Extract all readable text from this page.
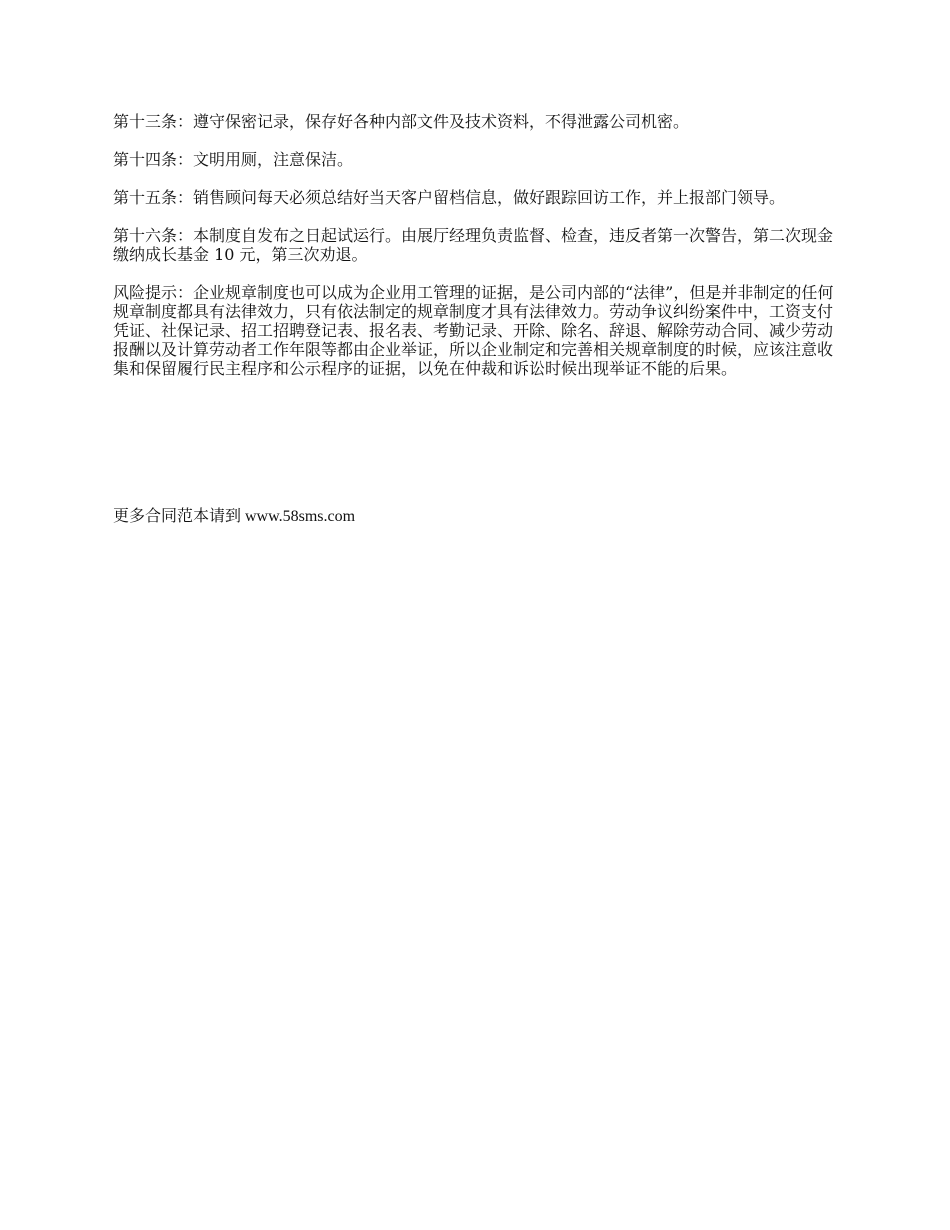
第十三条：遵守保密记录，保存好各种内部文件及技术资料，不得泄露公司机密。

第十四条：文明用厕，注意保洁。

第十五条：销售顾问每天必须总结好当天客户留档信息，做好跟踪回访工作，并上报部门领导。

第十六条：本制度自发布之日起试运行。由展厅经理负责监督、检查，违反者第一次警告，第二次现金缴纳成长基金 10 元，第三次劝退。

风险提示：企业规章制度也可以成为企业用工管理的证据，是公司内部的“法律”，但是并非制定的任何规章制度都具有法律效力，只有依法制定的规章制度才具有法律效力。劳动争议纠纷案件中，工资支付凭证、社保记录、招工招聘登记表、报名表、考勤记录、开除、除名、辞退、解除劳动合同、减少劳动报酬以及计算劳动者工作年限等都由企业举证，所以企业制定和完善相关规章制度的时候，应该注意收集和保留履行民主程序和公示程序的证据，以免在仲裁和诉讼时候出现举证不能的后果。

更多合同范本请到 www.58sms.com
